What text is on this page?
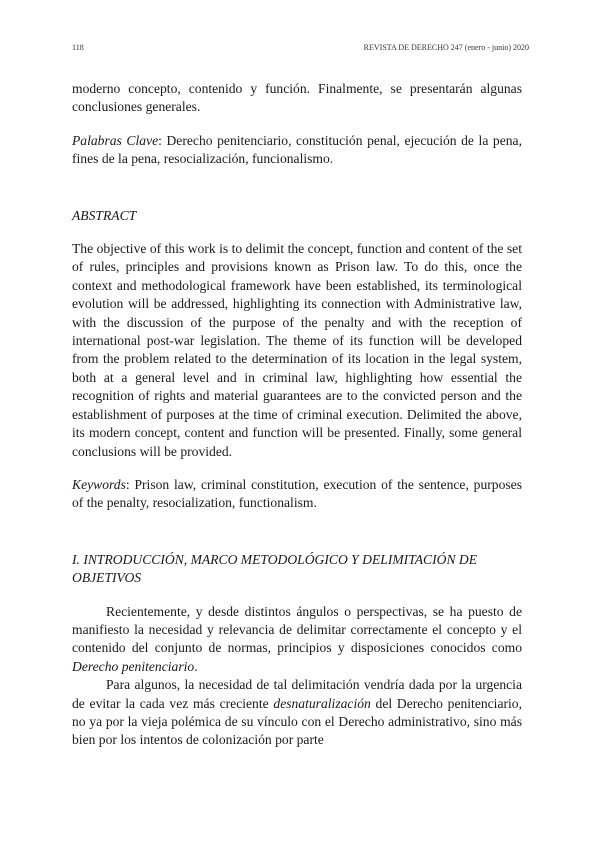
118	REVISTA DE DERECHO 247 (enero - junio) 2020

moderno concepto, contenido y función. Finalmente, se presentarán algunas conclusiones generales.

Palabras Clave: Derecho penitenciario, constitución penal, ejecución de la pena, fines de la pena, resocialización, funcionalismo.

ABSTRACT

The objective of this work is to delimit the concept, function and content of the set of rules, principles and provisions known as Prison law. To do this, once the context and methodological framework have been established, its terminological evolution will be addressed, highlighting its connection with Administrative law, with the discussion of the purpose of the penalty and with the reception of international post-war legislation. The theme of its function will be developed from the problem related to the determination of its location in the legal system, both at a general level and in criminal law, highlighting how essential the recognition of rights and material guarantees are to the convicted person and the establishment of purposes at the time of criminal execution. Delimited the above, its modern concept, content and function will be presented. Finally, some general conclusions will be provided.

Keywords: Prison law, criminal constitution, execution of the sentence, purposes of the penalty, resocialization, functionalism.

I. INTRODUCCIÓN, MARCO METODOLÓGICO Y DELIMITACIÓN DE OBJETIVOS

Recientemente, y desde distintos ángulos o perspectivas, se ha puesto de manifiesto la necesidad y relevancia de delimitar correctamente el concepto y el contenido del conjunto de normas, principios y disposiciones conocidos como Derecho penitenciario.

Para algunos, la necesidad de tal delimitación vendría dada por la urgencia de evitar la cada vez más creciente desnaturalización del Derecho penitenciario, no ya por la vieja polémica de su vínculo con el Derecho administrativo, sino más bien por los intentos de colonización por parte
